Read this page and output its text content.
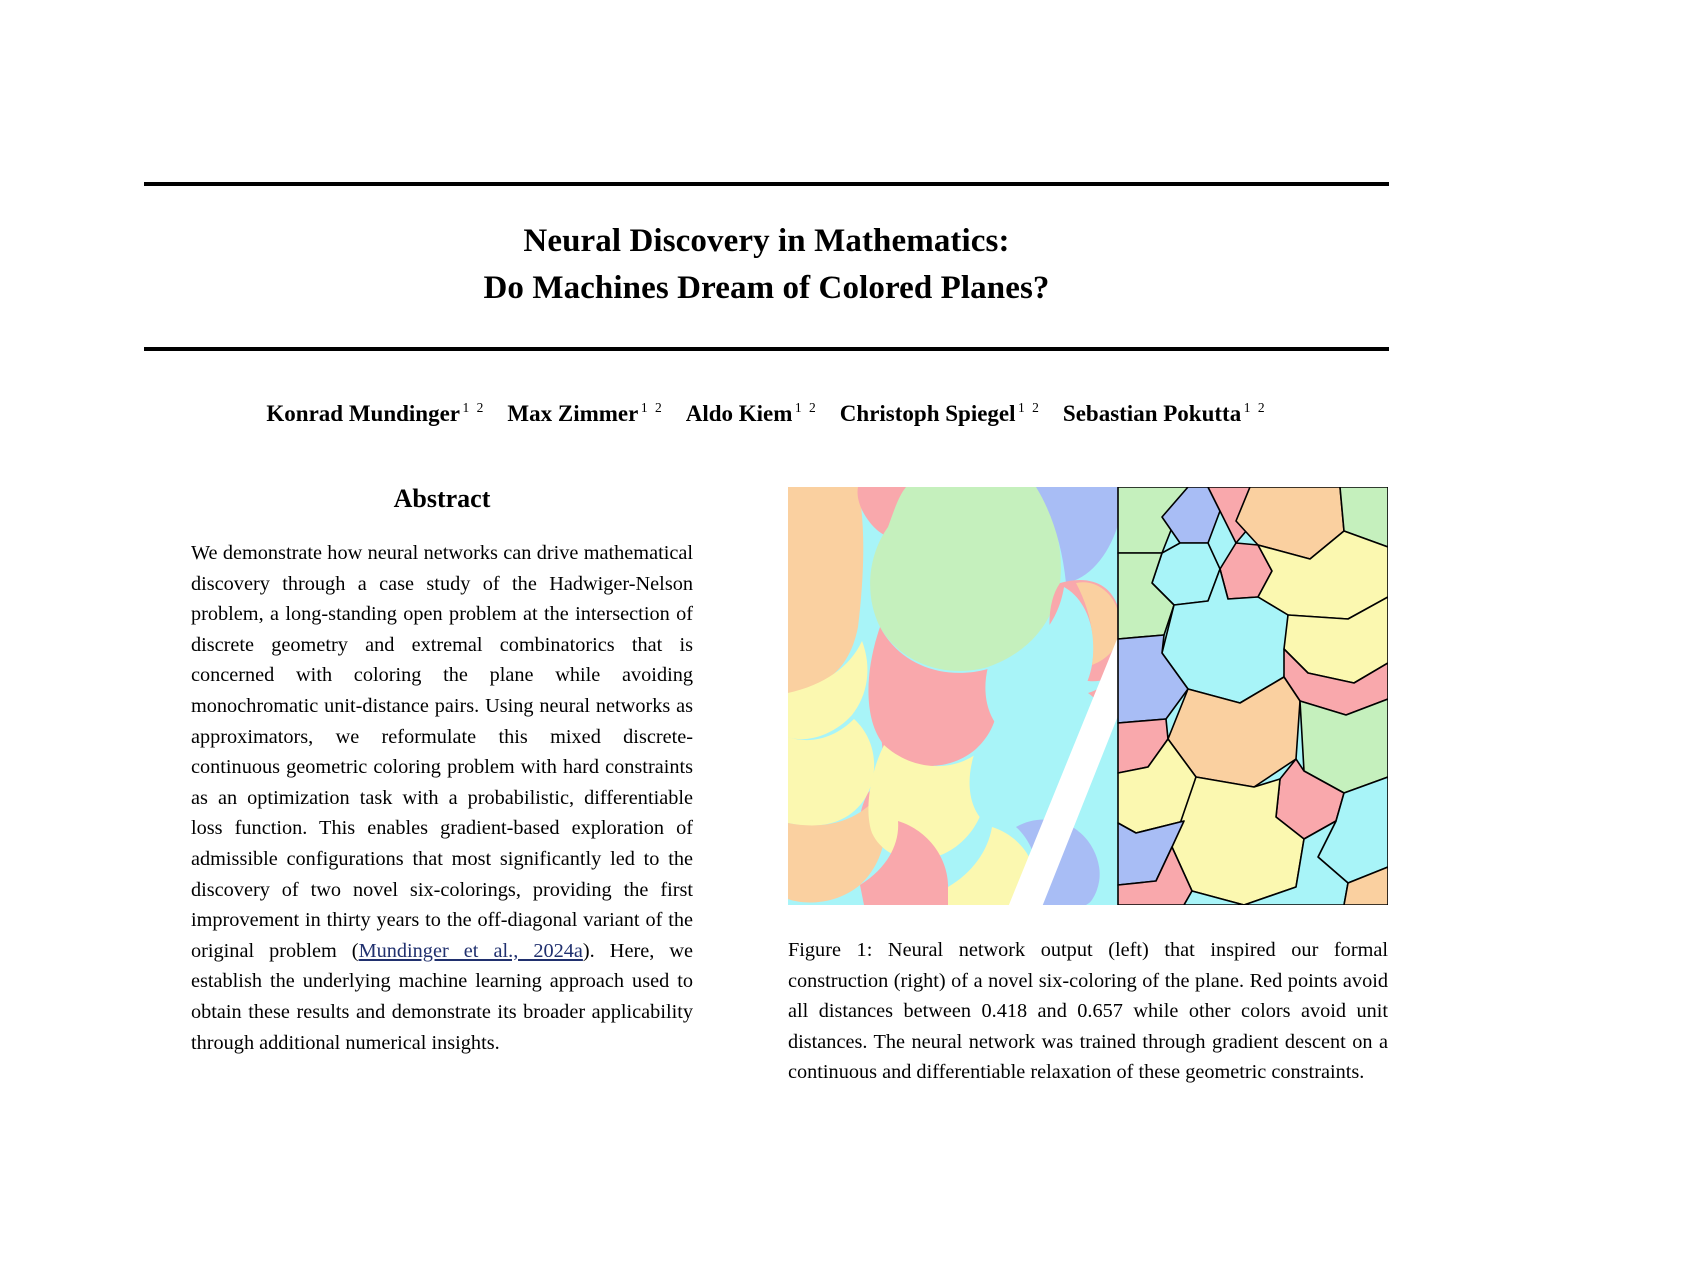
Neural Discovery in Mathematics:
Do Machines Dream of Colored Planes?
Konrad Mundinger $^{1 2}$ Max Zimmer $^{1 2}$ Aldo Kiem $^{1 2}$ Christoph Spiegel $^{1 2}$ Sebastian Pokutta $^{1 2}$
Abstract

We demonstrate how neural networks can drive mathematical discovery through a case study of the Hadwiger-Nelson problem, a long-standing open problem at the intersection of discrete geometry and extremal combinatorics that is concerned with coloring the plane while avoiding monochromatic unit-distance pairs. Using neural networks as approximators, we reformulate this mixed discrete-continuous geometric coloring problem with hard constraints as an optimization task with a probabilistic, differentiable loss function. This enables gradient-based exploration of admissible configurations that most significantly led to the discovery of two novel six-colorings, providing the first improvement in thirty years to the off-diagonal variant of the original problem (Mundinger et al., 2024a). Here, we establish the underlying machine learning approach used to obtain these results and demonstrate its broader applicability through additional numerical insights.

Figure 1: Neural network output (left) that inspired our formal construction (right) of a novel six-coloring of the plane. Red points avoid all distances between 0.418 and 0.657 while other colors avoid unit distances. The neural network was trained through gradient descent on a continuous and differentiable relaxation of these geometric constraints.
